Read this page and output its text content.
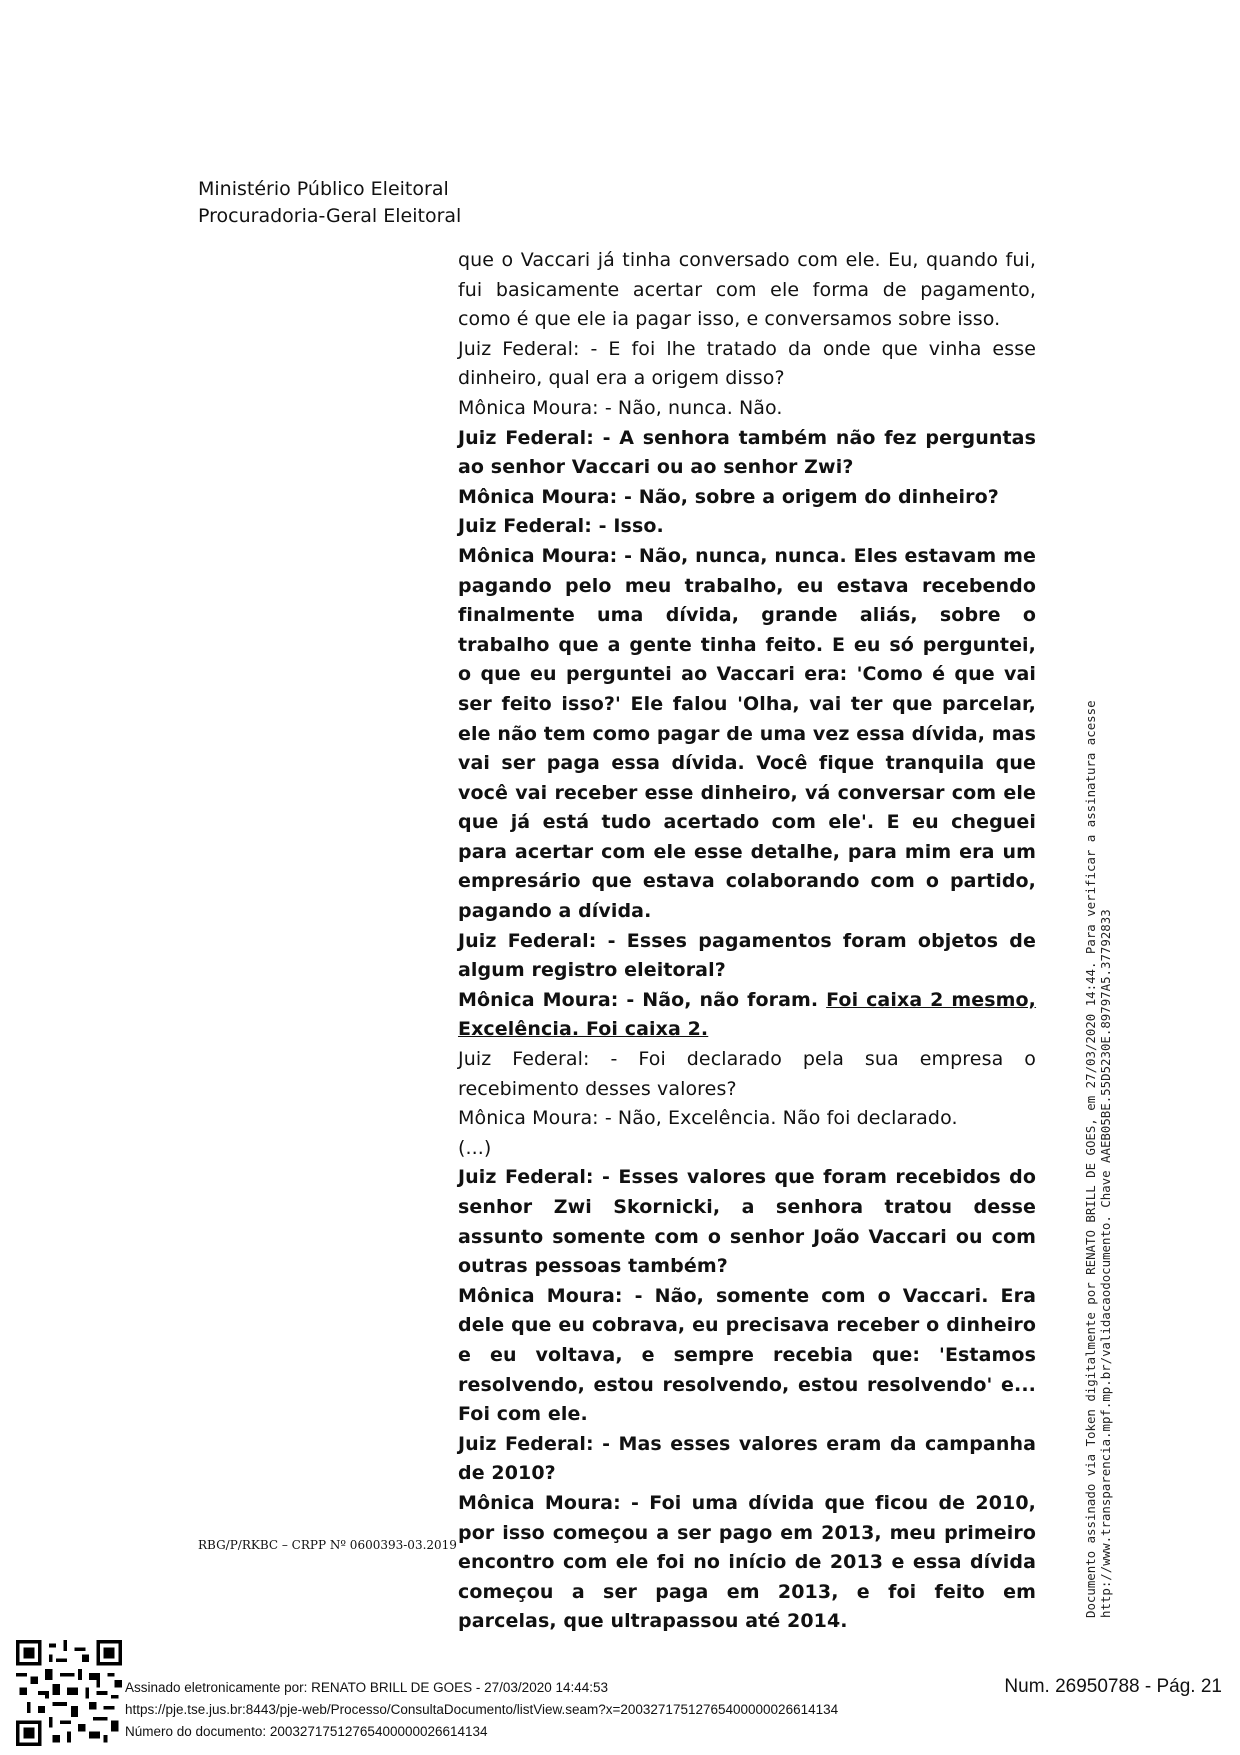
Ministério Público Eleitoral
Procuradoria-Geral Eleitoral

que o Vaccari já tinha conversado com ele. Eu, quando fui, fui basicamente acertar com ele forma de pagamento, como é que ele ia pagar isso, e conversamos sobre isso.

Juiz Federal: - E foi lhe tratado da onde que vinha esse dinheiro, qual era a origem disso?

Mônica Moura: - Não, nunca. Não.

Juiz Federal: - A senhora também não fez perguntas ao senhor Vaccari ou ao senhor Zwi?

Mônica Moura: - Não, sobre a origem do dinheiro?

Juiz Federal: - Isso.

Mônica Moura: - Não, nunca, nunca. Eles estavam me pagando pelo meu trabalho, eu estava recebendo finalmente uma dívida, grande aliás, sobre o trabalho que a gente tinha feito. E eu só perguntei, o que eu perguntei ao Vaccari era: 'Como é que vai ser feito isso?' Ele falou 'Olha, vai ter que parcelar, ele não tem como pagar de uma vez essa dívida, mas vai ser paga essa dívida. Você fique tranquila que você vai receber esse dinheiro, vá conversar com ele que já está tudo acertado com ele'. E eu cheguei para acertar com ele esse detalhe, para mim era um empresário que estava colaborando com o partido, pagando a dívida.

Juiz Federal: - Esses pagamentos foram objetos de algum registro eleitoral?

Mônica Moura: - Não, não foram. Foi caixa 2 mesmo, Excelência. Foi caixa 2.

Juiz Federal: - Foi declarado pela sua empresa o recebimento desses valores?

Mônica Moura: - Não, Excelência. Não foi declarado.

(...)

Juiz Federal: - Esses valores que foram recebidos do senhor Zwi Skornicki, a senhora tratou desse assunto somente com o senhor João Vaccari ou com outras pessoas também?

Mônica Moura: - Não, somente com o Vaccari. Era dele que eu cobrava, eu precisava receber o dinheiro e eu voltava, e sempre recebia que: 'Estamos resolvendo, estou resolvendo, estou resolvendo' e... Foi com ele.

Juiz Federal: - Mas esses valores eram da campanha de 2010?

Mônica Moura: - Foi uma dívida que ficou de 2010, por isso começou a ser pago em 2013, meu primeiro encontro com ele foi no início de 2013 e essa dívida começou a ser paga em 2013, e foi feito em parcelas, que ultrapassou até 2014.

RBG/P/RKBC – CRPP Nº 0600393-03.2019	Documento assinado via Token digitalmente por RENATO BRILL DE GOES, em 27/03/2020 14:44. Para verificar a assinatura acesse http://www.transparencia.mpf.mp.br/validacaodocumento. Chave AAEB05BE.55D5230E.89797A5.37792833
Assinado eletronicamente por: RENATO BRILL DE GOES - 27/03/2020 14:44:53
https://pje.tse.jus.br:8443/pje-web/Processo/ConsultaDocumento/listView.seam?x=20032717512765400000026614134
Número do documento: 20032717512765400000026614134
Num. 26950788 - Pág. 21
